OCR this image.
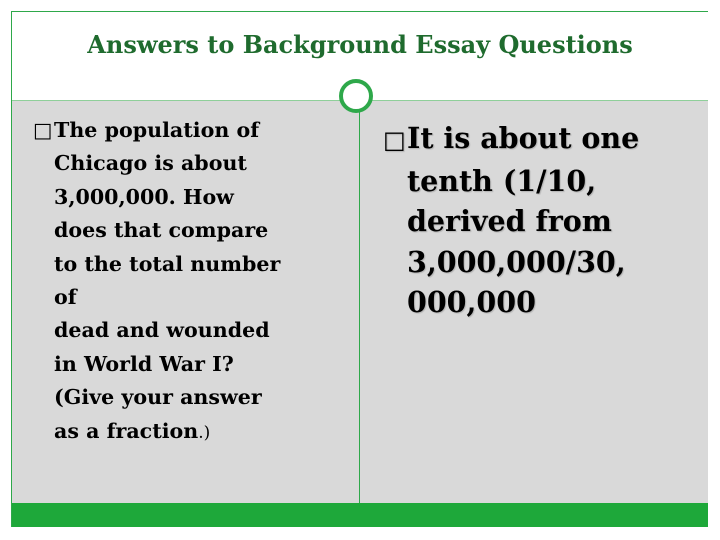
Answers to Background Essay Questions
□The population of
Chicago is about
3,000,000. How
does that compare
to the total number
of
dead and wounded
in World War I?
(Give your answer
as a fraction.)
□It is about one
tenth (1/10,
derived from
3,000,000/30,
000,000
